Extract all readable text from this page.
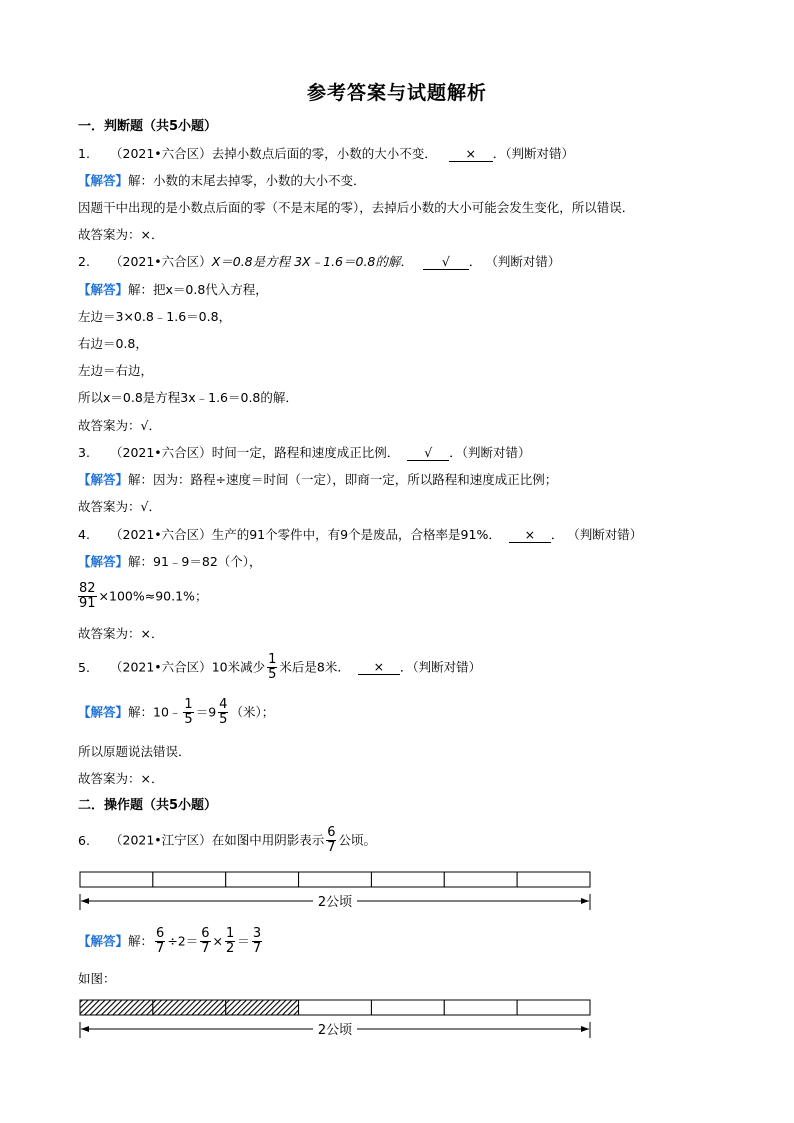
参考答案与试题解析
一．判断题（共5小题）
1. （2021•六合区）去掉小数点后面的零，小数的大小不变． × ．（判断对错）
【解答】解：小数的末尾去掉零，小数的大小不变．
因题干中出现的是小数点后面的零（不是末尾的零），去掉后小数的大小可能会发生变化，所以错误．
故答案为：×．
2. （2021•六合区）X＝0.8是方程 3X﹣1.6＝0.8的解． √ ． （判断对错）
【解答】解：把x＝0.8代入方程，
左边＝3×0.8﹣1.6＝0.8，
右边＝0.8，
左边＝右边，
所以x＝0.8是方程3x﹣1.6＝0.8的解．
故答案为：√．
3. （2021•六合区）时间一定，路程和速度成正比例． √ ．（判断对错）
【解答】解：因为：路程÷速度＝时间（一定），即商一定，所以路程和速度成正比例；
故答案为：√．
4. （2021•六合区）生产的91个零件中，有9个是废品，合格率是91%． × ． （判断对错）
【解答】解：91﹣9＝82（个），
$\frac{82}{91} \times 100\%\approx 90.1\%$；
故答案为：×．
5. （2021•六合区）10米减少 $\frac{1}{5}$ 米后是8米． × ．（判断对错）
【解答】解：10﹣ $\frac{1}{5} =9 \frac{4}{5}$ （米）；
所以原题说法错误．
故答案为：×．
二．操作题（共5小题）
6. （2021•江宁区）在如图中用阴影表示 $\frac{6}{7}$ 公顷。
2公顷
【解答】解： $\frac{6}{7} \div 2= \frac{6}{7} \times \frac{1}{2} = \frac{3}{7}$
如图：
2公顷
